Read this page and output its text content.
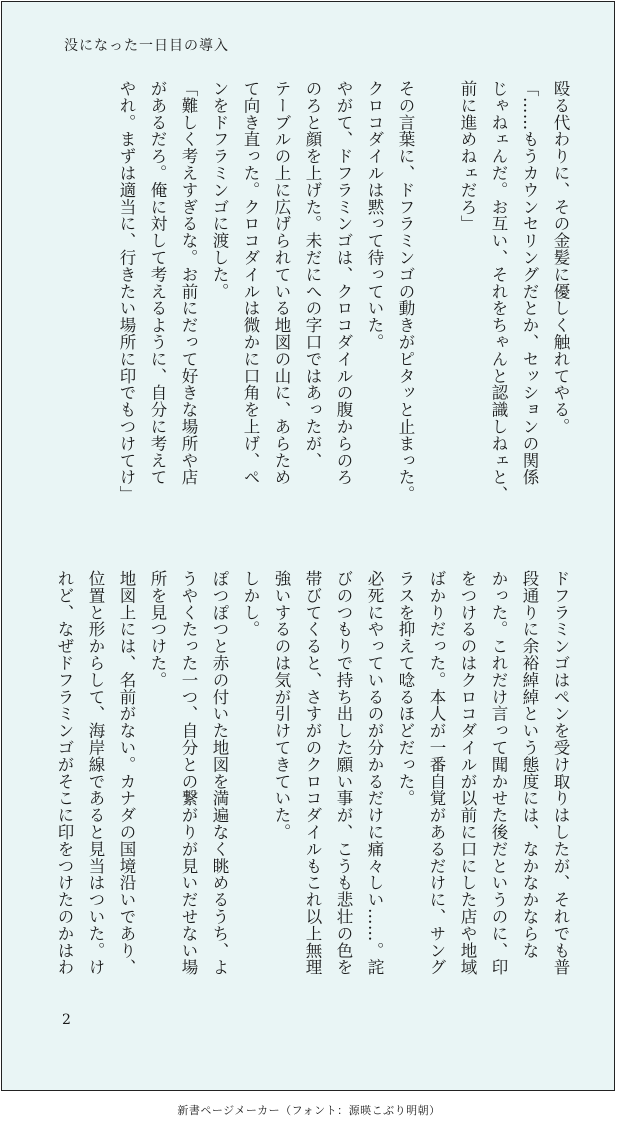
没になった一日目の導入
殴る代わりに、その金髪に優しく触れてやる。
「……もうカウンセリングだとか、セッションの関係
じゃねェんだ。お互い、それをちゃんと認識しねェと、
前に進めねェだろ」

その言葉に、ドフラミンゴの動きがピタッと止まった。
クロコダイルは黙って待っていた。
やがて、ドフラミンゴは、クロコダイルの腹からのろ
のろと顔を上げた。未だにへの字口ではあったが、
テーブルの上に広げられている地図の山に、あらため
て向き直った。クロコダイルは微かに口角を上げ、ペ
ンをドフラミンゴに渡した。
「難しく考えすぎるな。お前にだって好きな場所や店
があるだろ。俺に対して考えるように、自分に考えて
やれ。まずは適当に、行きたい場所に印でもつけてけ」
ドフラミンゴはペンを受け取りはしたが、それでも普
段通りに余裕綽綽という態度には、なかなかならな
かった。これだけ言って聞かせた後だというのに、印
をつけるのはクロコダイルが以前に口にした店や地域
ばかりだった。本人が一番自覚があるだけに、サング
ラスを抑えて唸るほどだった。
必死にやっているのが分かるだけに痛々しい……。詫
びのつもりで持ち出した願い事が、こうも悲壮の色を
帯びてくると、さすがのクロコダイルもこれ以上無理
強いするのは気が引けてきていた。
しかし。
ぽつぽつと赤の付いた地図を満遍なく眺めるうち、よ
うやくたった一つ、自分との繋がりが見いだせない場
所を見つけた。
地図上には、名前がない。カナダの国境沿いであり、
位置と形からして、海岸線であると見当はついた。け
れど、なぜドフラミンゴがそこに印をつけたのかはわ
2
新書ページメーカー（フォント：源暎こぶり明朝）
